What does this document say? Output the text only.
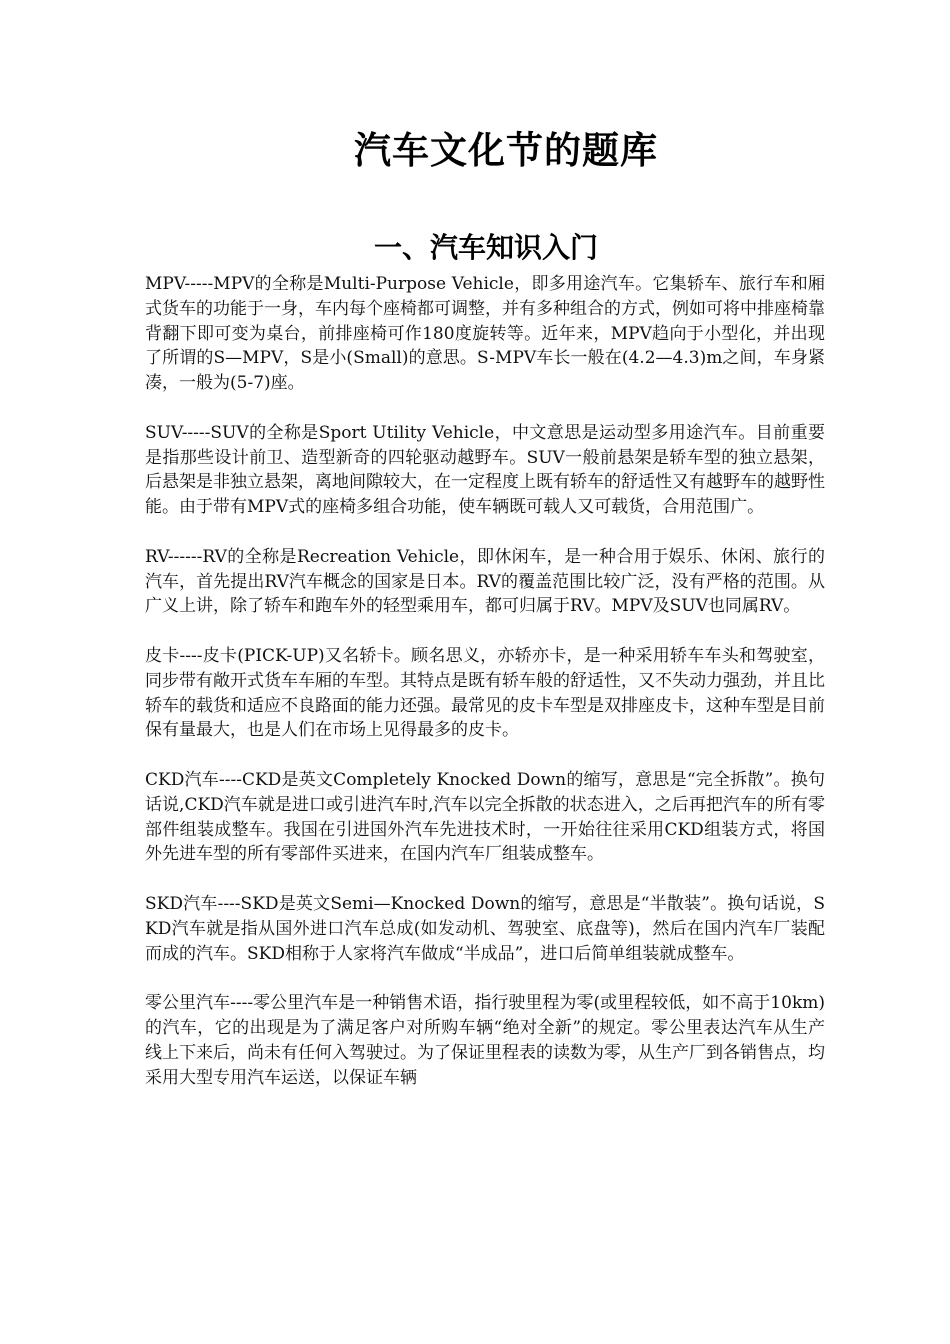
汽车文化节的题库
一、汽车知识入门

MPV-----MPV的全称是Multi-Purpose Vehicle，即多用途汽车。它集轿车、旅行车和厢式货车的功能于一身，车内每个座椅都可调整，并有多种组合的方式，例如可将中排座椅靠背翻下即可变为桌台，前排座椅可作180度旋转等。近年来，MPV趋向于小型化，并出现了所谓的S—MPV，S是小(Small)的意思。S-MPV车长一般在(4.2—4.3)m之间，车身紧凑，一般为(5-7)座。

SUV-----SUV的全称是Sport Utility Vehicle，中文意思是运动型多用途汽车。目前重要是指那些设计前卫、造型新奇的四轮驱动越野车。SUV一般前悬架是轿车型的独立悬架，后悬架是非独立悬架，离地间隙较大，在一定程度上既有轿车的舒适性又有越野车的越野性能。由于带有MPV式的座椅多组合功能，使车辆既可载人又可载货，合用范围广。

RV------RV的全称是Recreation Vehicle，即休闲车，是一种合用于娱乐、休闲、旅行的汽车，首先提出RV汽车概念的国家是日本。RV的覆盖范围比较广泛，没有严格的范围。从广义上讲，除了轿车和跑车外的轻型乘用车，都可归属于RV。MPV及SUV也同属RV。

皮卡----皮卡(PICK-UP)又名轿卡。顾名思义，亦轿亦卡，是一种采用轿车车头和驾驶室，同步带有敞开式货车车厢的车型。其特点是既有轿车般的舒适性，又不失动力强劲，并且比轿车的载货和适应不良路面的能力还强。最常见的皮卡车型是双排座皮卡，这种车型是目前保有量最大，也是人们在市场上见得最多的皮卡。

CKD汽车----CKD是英文Completely Knocked Down的缩写，意思是“完全拆散”。换句话说,CKD汽车就是进口或引进汽车时,汽车以完全拆散的状态进入，之后再把汽车的所有零部件组装成整车。我国在引进国外汽车先进技术时，一开始往往采用CKD组装方式，将国外先进车型的所有零部件买进来，在国内汽车厂组装成整车。

SKD汽车----SKD是英文Semi—Knocked Down的缩写，意思是“半散装”。换句话说，SKD汽车就是指从国外进口汽车总成(如发动机、驾驶室、底盘等)，然后在国内汽车厂装配而成的汽车。SKD相称于人家将汽车做成“半成品”，进口后简单组装就成整车。

零公里汽车----零公里汽车是一种销售术语，指行驶里程为零(或里程较低，如不高于10km)的汽车，它的出现是为了满足客户对所购车辆“绝对全新”的规定。零公里表达汽车从生产线上下来后，尚未有任何入驾驶过。为了保证里程表的读数为零，从生产厂到各销售点，均采用大型专用汽车运送，以保证车辆
